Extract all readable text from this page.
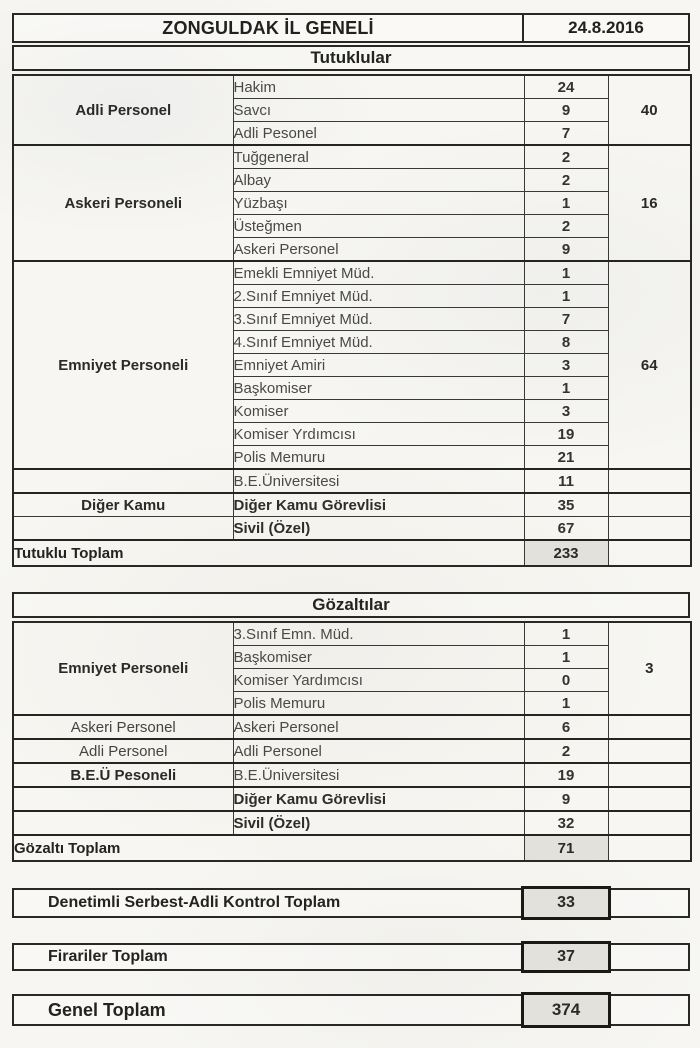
ZONGULDAK İL GENELİ	24.8.2016
Tutuklular
Adli Personel	Hakim	24	40
	Savcı	9	
	Adli Pesonel	7	
Askeri Personeli	Tuğgeneral	2	16
	Albay	2	
	Yüzbaşı	1	
	Üsteğmen	2	
	Askeri Personel	9	
Emniyet Personeli	Emekli Emniyet Müd.	1	64
	2.Sınıf Emniyet Müd.	1	
	3.Sınıf Emniyet Müd.	7	
	4.Sınıf Emniyet Müd.	8	
	Emniyet Amiri	3	
	Başkomiser	1	
	Komiser	3	
	Komiser Yrdımcısı	19	
	Polis Memuru	21	
	B.E.Üniversitesi	11	
Diğer Kamu	Diğer Kamu Görevlisi	35	
	Sivil (Özel)	67	
Tutuklu Toplam		233	
Gözaltılar
Emniyet Personeli	3.Sınıf Emn. Müd.	1	3
	Başkomiser	1	
	Komiser Yardımcısı	0	
	Polis Memuru	1	
Askeri Personel	Askeri Personel	6	
Adli Personel	Adli Personel	2	
B.E.Ü Pesoneli	B.E.Üniversitesi	19	
	Diğer Kamu Görevlisi	9	
	Sivil (Özel)	32	
Gözaltı Toplam		71	
Denetimli Serbest-Adli Kontrol Toplam	33
Firariler Toplam	37
Genel Toplam	374
